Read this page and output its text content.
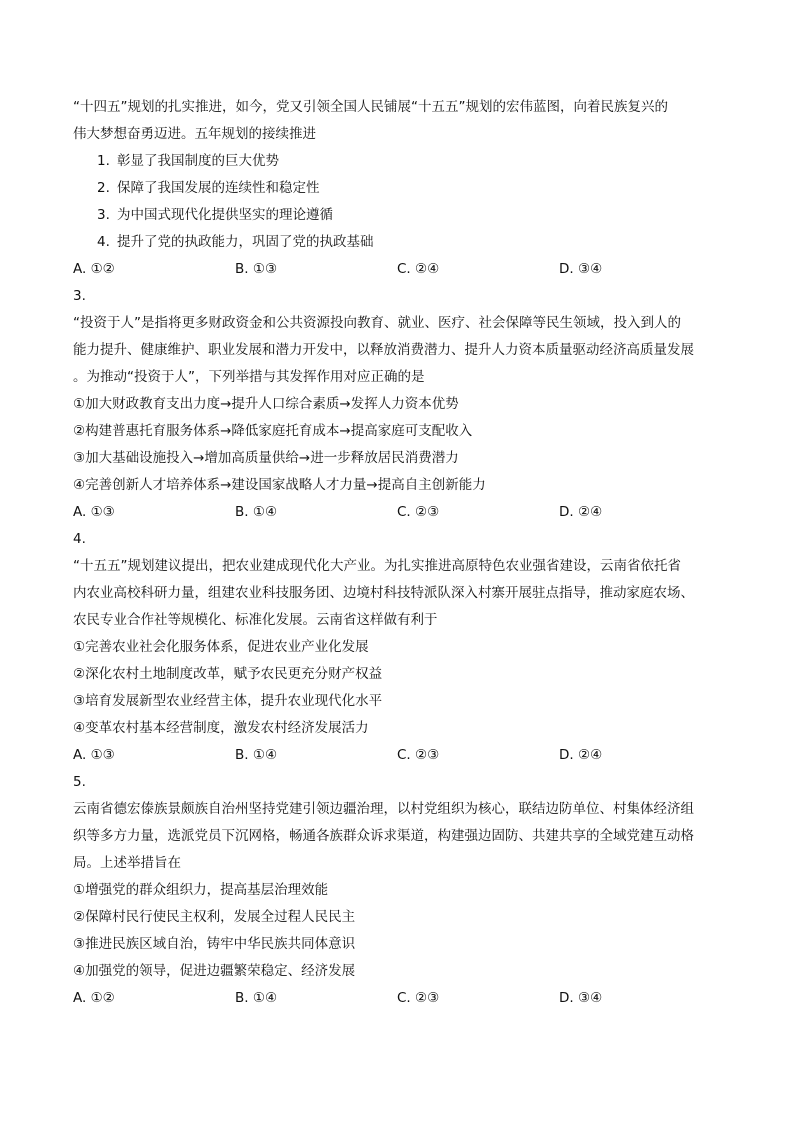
“十四五”规划的扎实推进，如今，党又引领全国人民铺展“十五五”规划的宏伟蓝图，向着民族复兴的
伟大梦想奋勇迈进。五年规划的接续推进
1. 彰显了我国制度的巨大优势
2. 保障了我国发展的连续性和稳定性
3. 为中国式现代化提供坚实的理论遵循
4. 提升了党的执政能力，巩固了党的执政基础
A. ①②	B. ①③	C. ②④	D. ③④
3.
“投资于人”是指将更多财政资金和公共资源投向教育、就业、医疗、社会保障等民生领域，投入到人的
能力提升、健康维护、职业发展和潜力开发中，以释放消费潜力、提升人力资本质量驱动经济高质量发展
。为推动“投资于人”，下列举措与其发挥作用对应正确的是
①加大财政教育支出力度→提升人口综合素质→发挥人力资本优势
②构建普惠托育服务体系→降低家庭托育成本→提高家庭可支配收入
③加大基础设施投入→增加高质量供给→进一步释放居民消费潜力
④完善创新人才培养体系→建设国家战略人才力量→提高自主创新能力
A. ①③	B. ①④	C. ②③	D. ②④
4.
“十五五”规划建议提出，把农业建成现代化大产业。为扎实推进高原特色农业强省建设，云南省依托省
内农业高校科研力量，组建农业科技服务团、边境村科技特派队深入村寨开展驻点指导，推动家庭农场、
农民专业合作社等规模化、标准化发展。云南省这样做有利于
①完善农业社会化服务体系，促进农业产业化发展
②深化农村土地制度改革，赋予农民更充分财产权益
③培育发展新型农业经营主体，提升农业现代化水平
④变革农村基本经营制度，激发农村经济发展活力
A. ①③	B. ①④	C. ②③	D. ②④
5.
云南省德宏傣族景颇族自治州坚持党建引领边疆治理，以村党组织为核心，联结边防单位、村集体经济组
织等多方力量，选派党员下沉网格，畅通各族群众诉求渠道，构建强边固防、共建共享的全域党建互动格
局。上述举措旨在
①增强党的群众组织力，提高基层治理效能
②保障村民行使民主权利，发展全过程人民民主
③推进民族区域自治，铸牢中华民族共同体意识
④加强党的领导，促进边疆繁荣稳定、经济发展
A. ①②	B. ①④	C. ②③	D. ③④
